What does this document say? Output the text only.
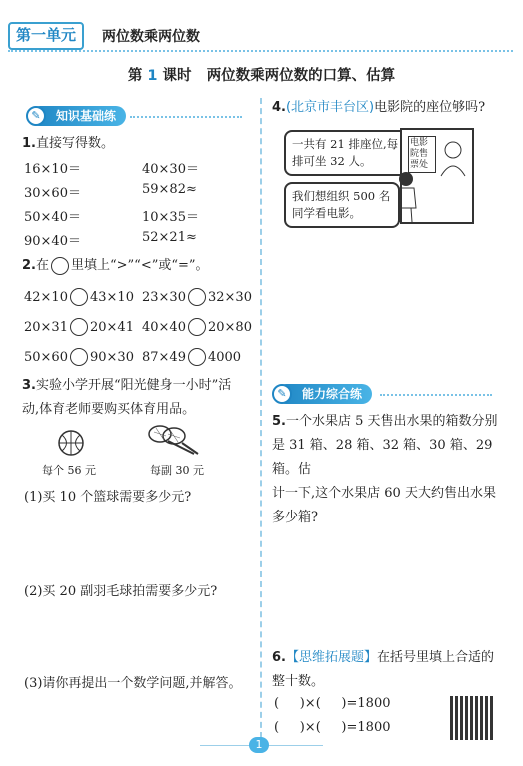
第一单元	两位数乘两位数
第 1 课时 两位数乘两位数的口算、估算
知识基础练
✎
1.直接写得数。
16×10＝	40×30＝
30×60＝	59×82≈
50×40＝	10×35＝
90×40＝	52×21≈
2.在 里填上“>”“<”或“=”。
42×10 43×10 23×30 32×30
20×31 20×41 40×40 20×80
50×60 90×30 87×49 4000
3.实验小学开展“阳光健身一小时”活
动,体育老师要购买体育用品。
每个 56 元	每副 30 元
(1)买 10 个篮球需要多少元?
(2)买 20 副羽毛球拍需要多少元?
(3)请你再提出一个数学问题,并解答。
4.(北京市丰台区)电影院的座位够吗?
一共有 21 排座位,每排可坐 32 人。
电影院售票处
我们想组织 500 名同学看电影。
能力综合练
✎
5.一个水果店 5 天售出水果的箱数分别
是 31 箱、28 箱、32 箱、30 箱、29 箱。估
计一下,这个水果店 60 天大约售出水果
多少箱?
6.【思维拓展题】在括号里填上合适的
整十数。
(     )×(     )=1800
(     )×(     )=1800
1
